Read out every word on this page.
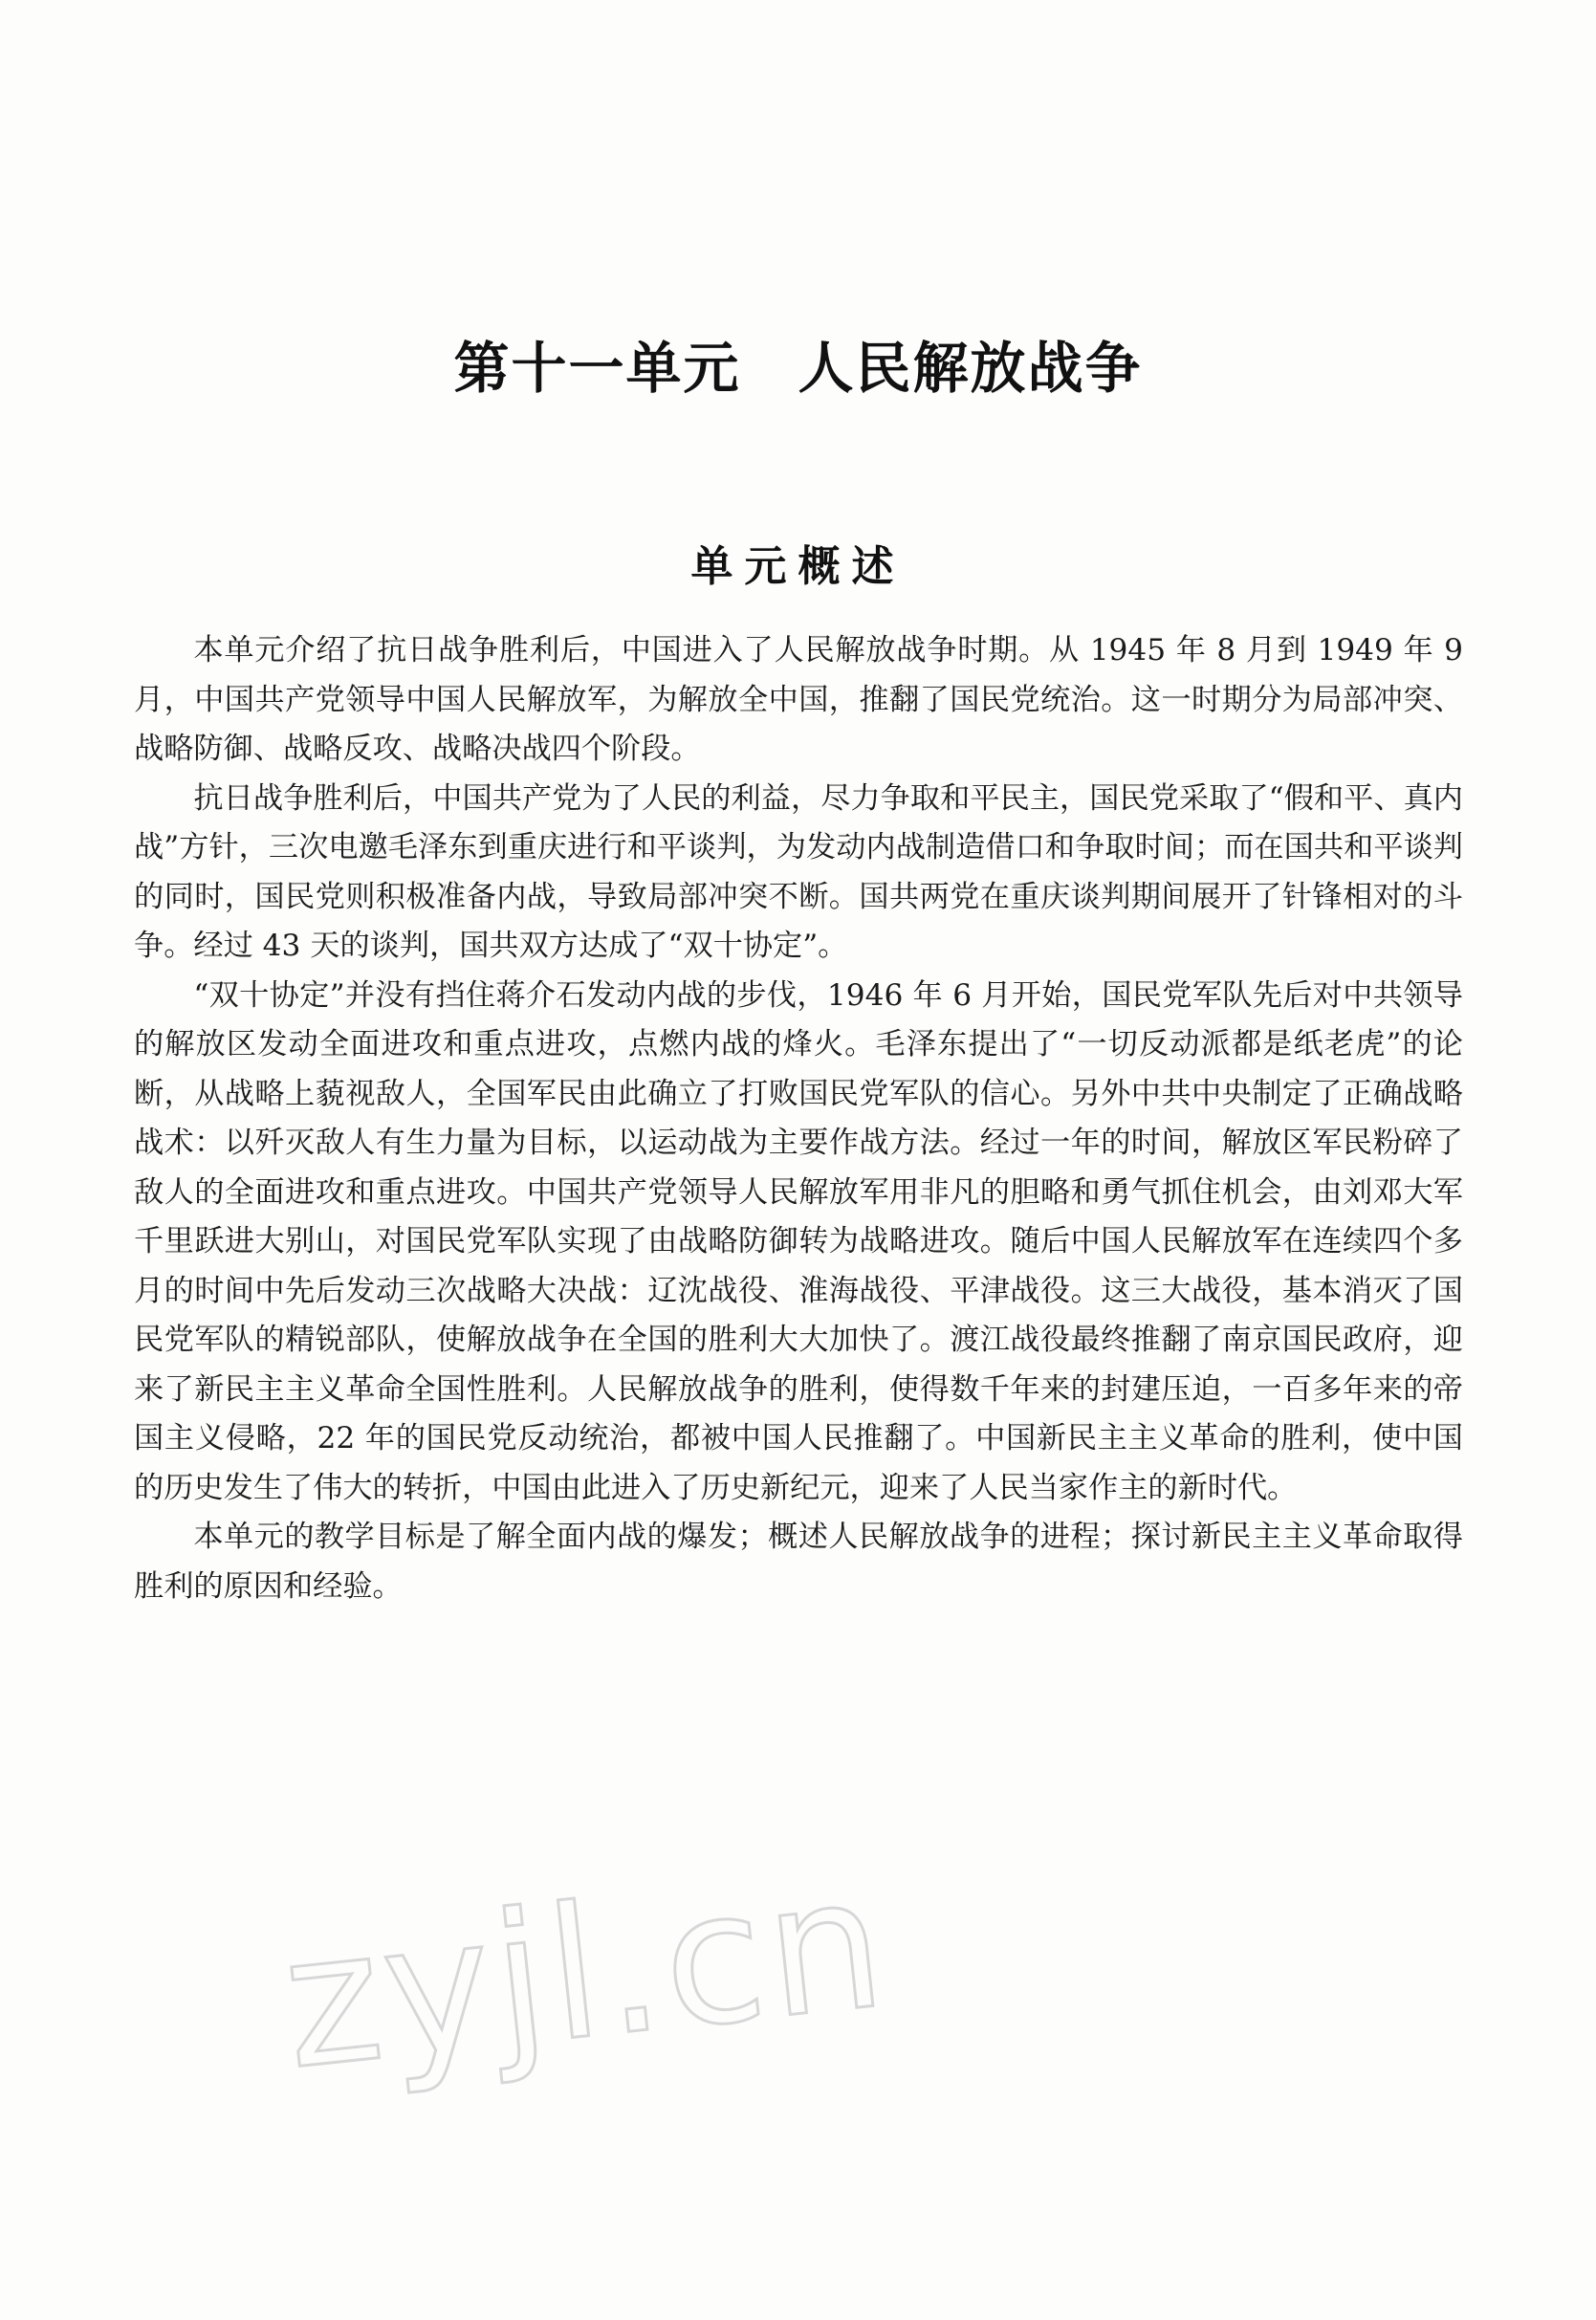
第十一单元 人民解放战争
单元概述

本单元介绍了抗日战争胜利后，中国进入了人民解放战争时期。从 1945 年 8 月到 1949 年 9 月，中国共产党领导中国人民解放军，为解放全中国，推翻了国民党统治。这一时期分为局部冲突、战略防御、战略反攻、战略决战四个阶段。

抗日战争胜利后，中国共产党为了人民的利益，尽力争取和平民主，国民党采取了“假和平、真内战”方针，三次电邀毛泽东到重庆进行和平谈判，为发动内战制造借口和争取时间；而在国共和平谈判的同时，国民党则积极准备内战，导致局部冲突不断。国共两党在重庆谈判期间展开了针锋相对的斗争。经过 43 天的谈判，国共双方达成了“双十协定”。

“双十协定”并没有挡住蒋介石发动内战的步伐，1946 年 6 月开始，国民党军队先后对中共领导的解放区发动全面进攻和重点进攻，点燃内战的烽火。毛泽东提出了“一切反动派都是纸老虎”的论断，从战略上藐视敌人，全国军民由此确立了打败国民党军队的信心。另外中共中央制定了正确战略战术：以歼灭敌人有生力量为目标，以运动战为主要作战方法。经过一年的时间，解放区军民粉碎了敌人的全面进攻和重点进攻。中国共产党领导人民解放军用非凡的胆略和勇气抓住机会，由刘邓大军千里跃进大别山，对国民党军队实现了由战略防御转为战略进攻。随后中国人民解放军在连续四个多月的时间中先后发动三次战略大决战：辽沈战役、淮海战役、平津战役。这三大战役，基本消灭了国民党军队的精锐部队，使解放战争在全国的胜利大大加快了。渡江战役最终推翻了南京国民政府，迎来了新民主主义革命全国性胜利。人民解放战争的胜利，使得数千年来的封建压迫，一百多年来的帝国主义侵略，22 年的国民党反动统治，都被中国人民推翻了。中国新民主主义革命的胜利，使中国的历史发生了伟大的转折，中国由此进入了历史新纪元，迎来了人民当家作主的新时代。

本单元的教学目标是了解全面内战的爆发；概述人民解放战争的进程；探讨新民主主义革命取得胜利的原因和经验。

zyjl.cn
